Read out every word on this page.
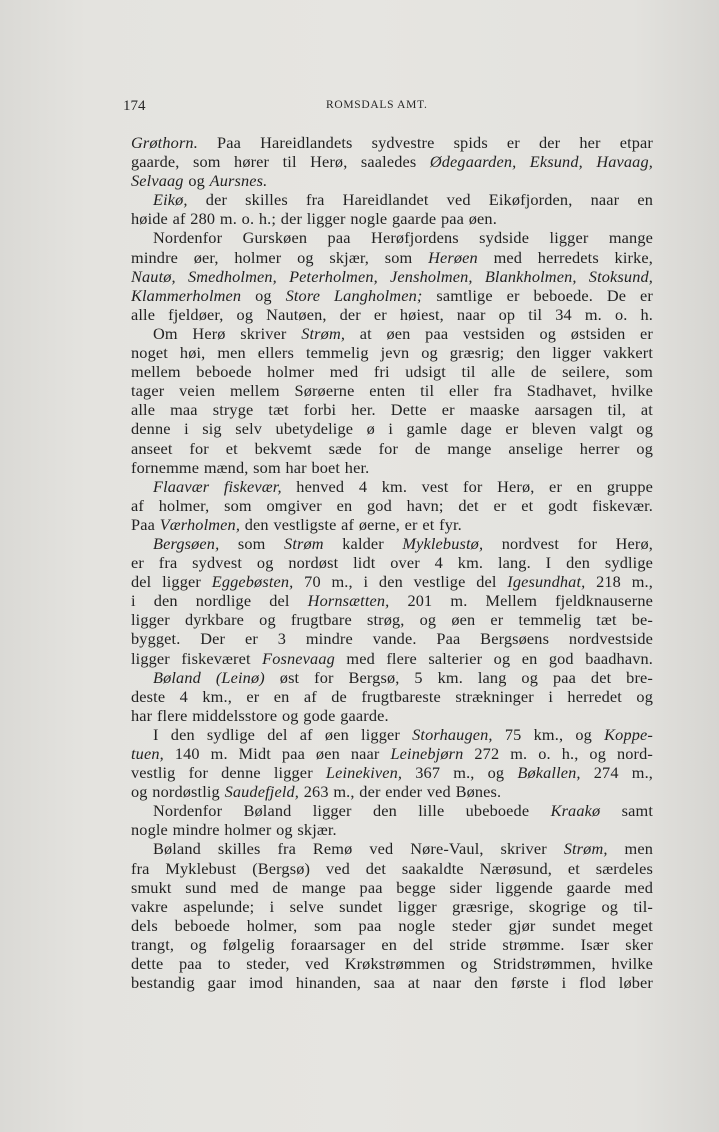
174	ROMSDALS AMT.
Grøthorn. Paa Hareidlandets sydvestre spids er der her etpar
gaarde, som hører til Herø, saaledes Ødegaarden, Eksund, Havaag,
Selvaag og Aursnes.
Eikø, der skilles fra Hareidlandet ved Eikøfjorden, naar en
høide af 280 m. o. h.; der ligger nogle gaarde paa øen.
Nordenfor Gurskøen paa Herøfjordens sydside ligger mange
mindre øer, holmer og skjær, som Herøen med herredets kirke,
Nautø, Smedholmen, Peterholmen, Jensholmen, Blankholmen, Stoksund,
Klammerholmen og Store Langholmen; samtlige er beboede. De er
alle fjeldøer, og Nautøen, der er høiest, naar op til 34 m. o. h.
Om Herø skriver Strøm, at øen paa vestsiden og østsiden er
noget høi, men ellers temmelig jevn og græsrig; den ligger vakkert
mellem beboede holmer med fri udsigt til alle de seilere, som
tager veien mellem Sørøerne enten til eller fra Stadhavet, hvilke
alle maa stryge tæt forbi her. Dette er maaske aarsagen til, at
denne i sig selv ubetydelige ø i gamle dage er bleven valgt og
anseet for et bekvemt sæde for de mange anselige herrer og
fornemme mænd, som har boet her.
Flaavær fiskevær, henved 4 km. vest for Herø, er en gruppe
af holmer, som omgiver en god havn; det er et godt fiskevær.
Paa Værholmen, den vestligste af øerne, er et fyr.
Bergsøen, som Strøm kalder Myklebustø, nordvest for Herø,
er fra sydvest og nordøst lidt over 4 km. lang. I den sydlige
del ligger Eggebøsten, 70 m., i den vestlige del Igesundhat, 218 m.,
i den nordlige del Hornsætten, 201 m. Mellem fjeldknauserne
ligger dyrkbare og frugtbare strøg, og øen er temmelig tæt be-
bygget. Der er 3 mindre vande. Paa Bergsøens nordvestside
ligger fiskeværet Fosnevaag med flere salterier og en god baadhavn.
Bøland (Leinø) øst for Bergsø, 5 km. lang og paa det bre-
deste 4 km., er en af de frugtbareste strækninger i herredet og
har flere middelsstore og gode gaarde.
I den sydlige del af øen ligger Storhaugen, 75 km., og Koppe-
tuen, 140 m. Midt paa øen naar Leinebjørn 272 m. o. h., og nord-
vestlig for denne ligger Leinekiven, 367 m., og Bøkallen, 274 m.,
og nordøstlig Saudefjeld, 263 m., der ender ved Bønes.
Nordenfor Bøland ligger den lille ubeboede Kraakø samt
nogle mindre holmer og skjær.
Bøland skilles fra Remø ved Nøre-Vaul, skriver Strøm, men
fra Myklebust (Bergsø) ved det saakaldte Nærøsund, et særdeles
smukt sund med de mange paa begge sider liggende gaarde med
vakre aspelunde; i selve sundet ligger græsrige, skogrige og til-
dels beboede holmer, som paa nogle steder gjør sundet meget
trangt, og følgelig foraarsager en del stride strømme. Især sker
dette paa to steder, ved Krøkstrømmen og Stridstrømmen, hvilke
bestandig gaar imod hinanden, saa at naar den første i flod løber
